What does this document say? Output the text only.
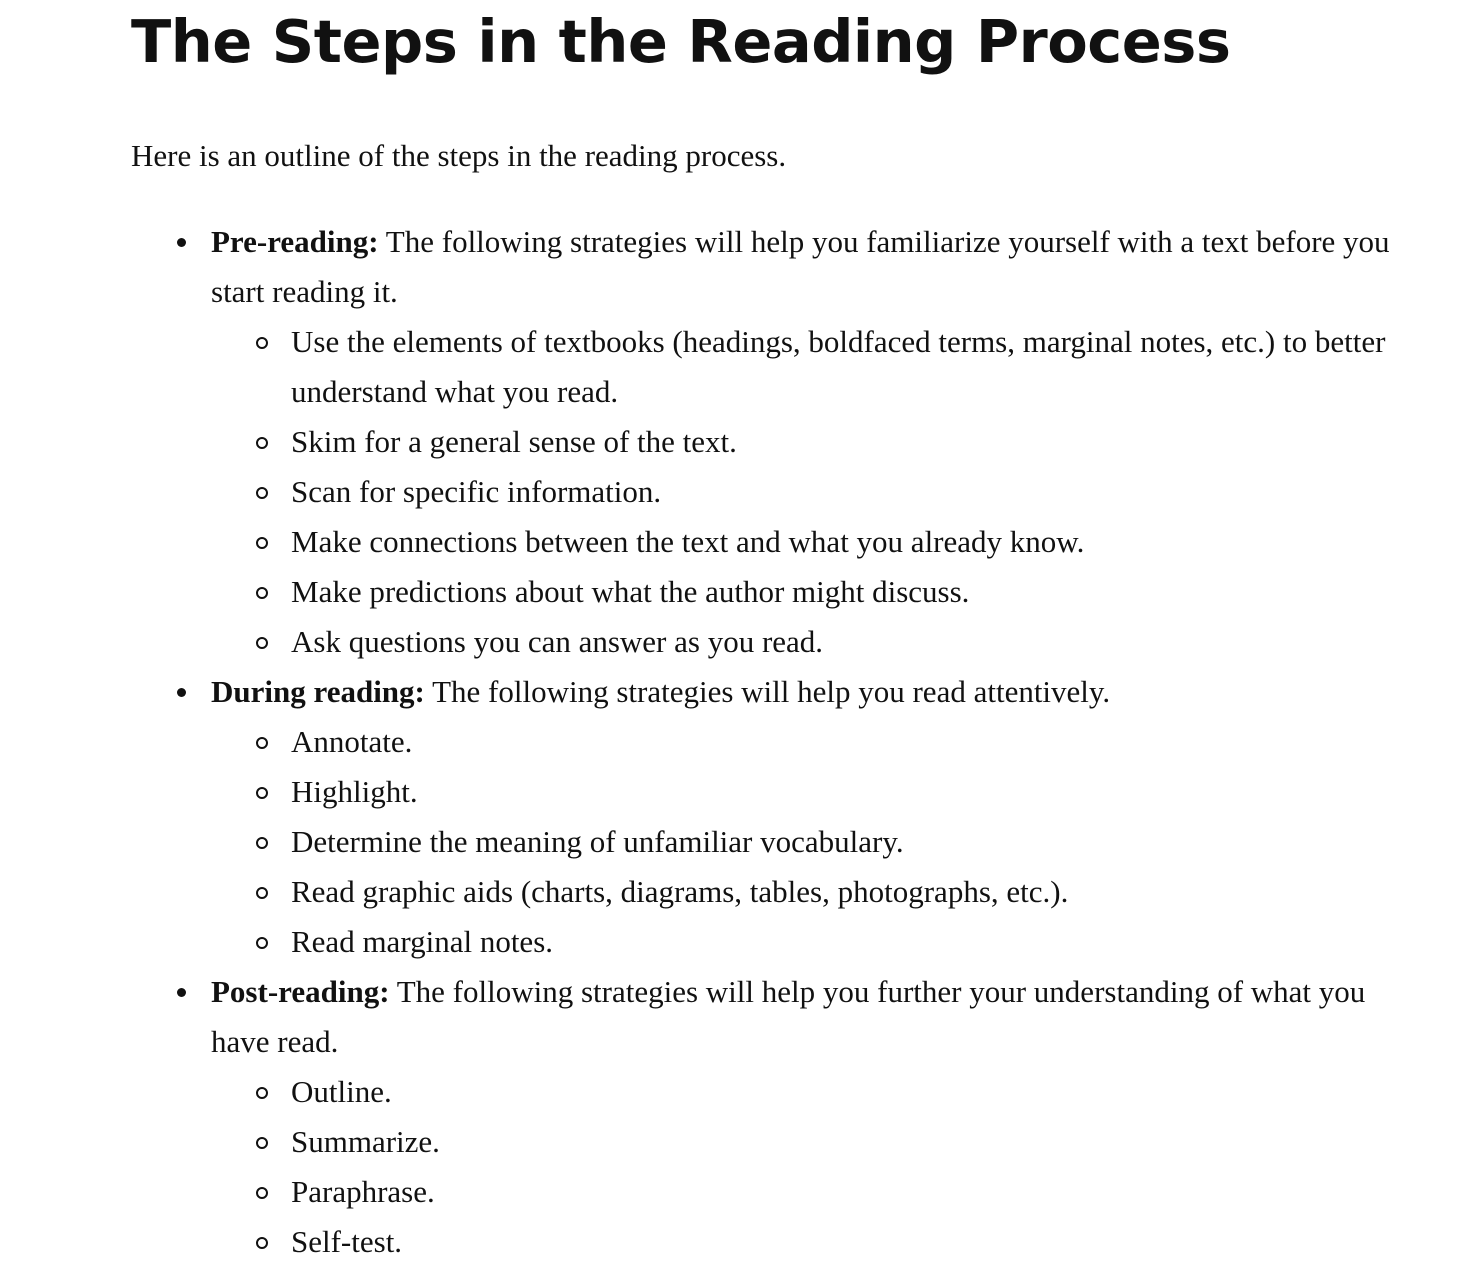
The Steps in the Reading Process

Here is an outline of the steps in the reading process.

Pre-reading: The following strategies will help you familiarize yourself with a text before you start reading it.
Use the elements of textbooks (headings, boldfaced terms, marginal notes, etc.) to better understand what you read.
Skim for a general sense of the text.
Scan for specific information.
Make connections between the text and what you already know.
Make predictions about what the author might discuss.
Ask questions you can answer as you read.
During reading: The following strategies will help you read attentively.
Annotate.
Highlight.
Determine the meaning of unfamiliar vocabulary.
Read graphic aids (charts, diagrams, tables, photographs, etc.).
Read marginal notes.
Post-reading: The following strategies will help you further your understanding of what you have read.
Outline.
Summarize.
Paraphrase.
Self-test.
